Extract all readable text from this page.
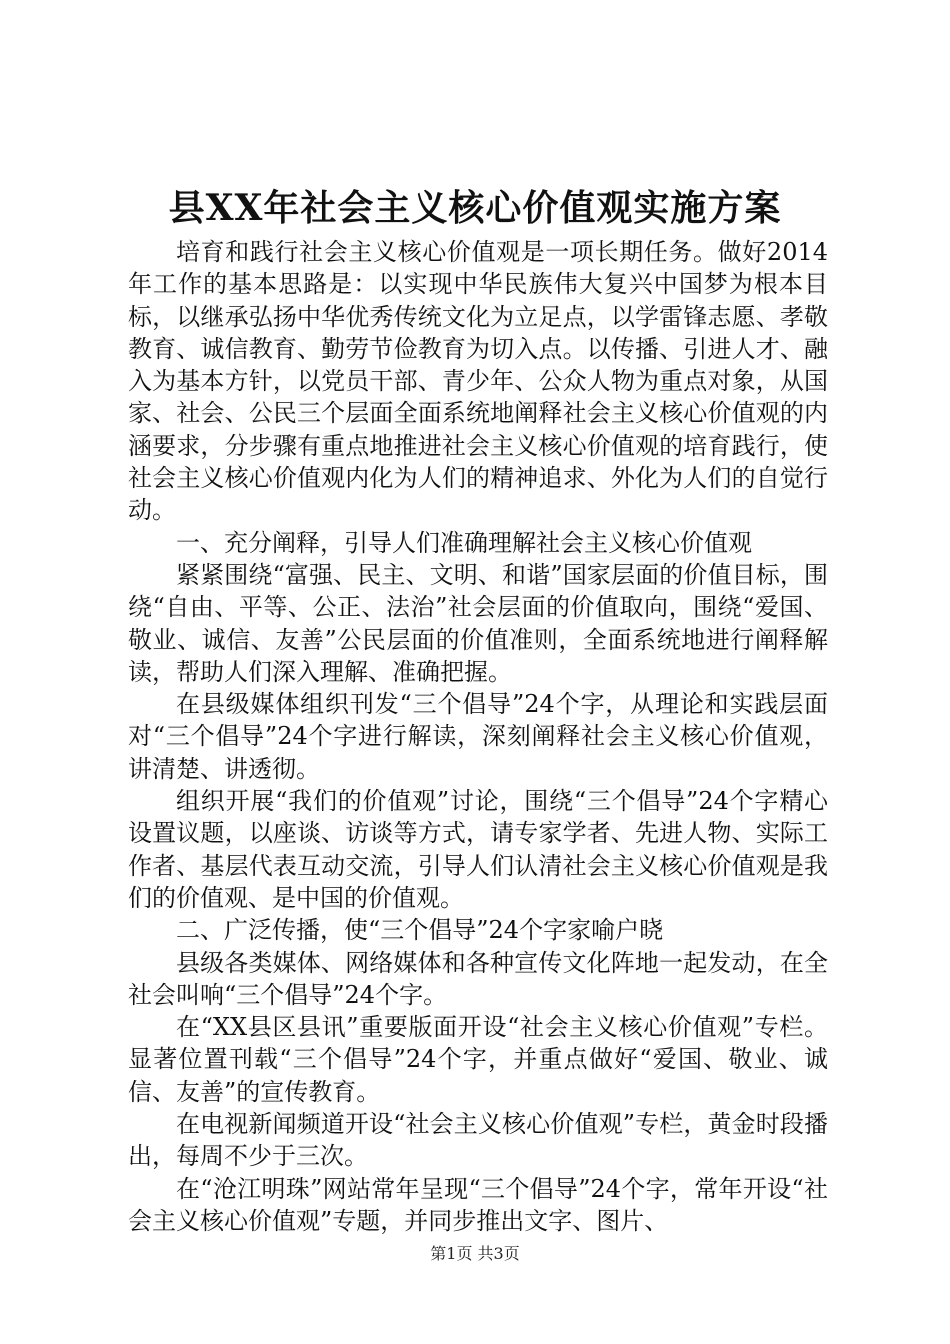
县XX年社会主义核心价值观实施方案

培育和践行社会主义核心价值观是一项长期任务。做好2014年工作的基本思路是：以实现中华民族伟大复兴中国梦为根本目标，以继承弘扬中华优秀传统文化为立足点，以学雷锋志愿、孝敬教育、诚信教育、勤劳节俭教育为切入点。以传播、引进人才、融入为基本方针，以党员干部、青少年、公众人物为重点对象，从国家、社会、公民三个层面全面系统地阐释社会主义核心价值观的内涵要求，分步骤有重点地推进社会主义核心价值观的培育践行，使社会主义核心价值观内化为人们的精神追求、外化为人们的自觉行动。

一、充分阐释，引导人们准确理解社会主义核心价值观

紧紧围绕“富强、民主、文明、和谐”国家层面的价值目标，围绕“自由、平等、公正、法治”社会层面的价值取向，围绕“爱国、敬业、诚信、友善”公民层面的价值准则，全面系统地进行阐释解读，帮助人们深入理解、准确把握。

在县级媒体组织刊发“三个倡导”24个字，从理论和实践层面对“三个倡导”24个字进行解读，深刻阐释社会主义核心价值观，讲清楚、讲透彻。

组织开展“我们的价值观”讨论，围绕“三个倡导”24个字精心设置议题，以座谈、访谈等方式，请专家学者、先进人物、实际工作者、基层代表互动交流，引导人们认清社会主义核心价值观是我们的价值观、是中国的价值观。

二、广泛传播，使“三个倡导”24个字家喻户晓

县级各类媒体、网络媒体和各种宣传文化阵地一起发动，在全社会叫响“三个倡导”24个字。

在“XX县区县讯”重要版面开设“社会主义核心价值观”专栏。显著位置刊载“三个倡导”24个字，并重点做好“爱国、敬业、诚信、友善”的宣传教育。

在电视新闻频道开设“社会主义核心价值观”专栏，黄金时段播出，每周不少于三次。

在“沧江明珠”网站常年呈现“三个倡导”24个字，常年开设“社会主义核心价值观”专题，并同步推出文字、图片、

第1页 共3页
